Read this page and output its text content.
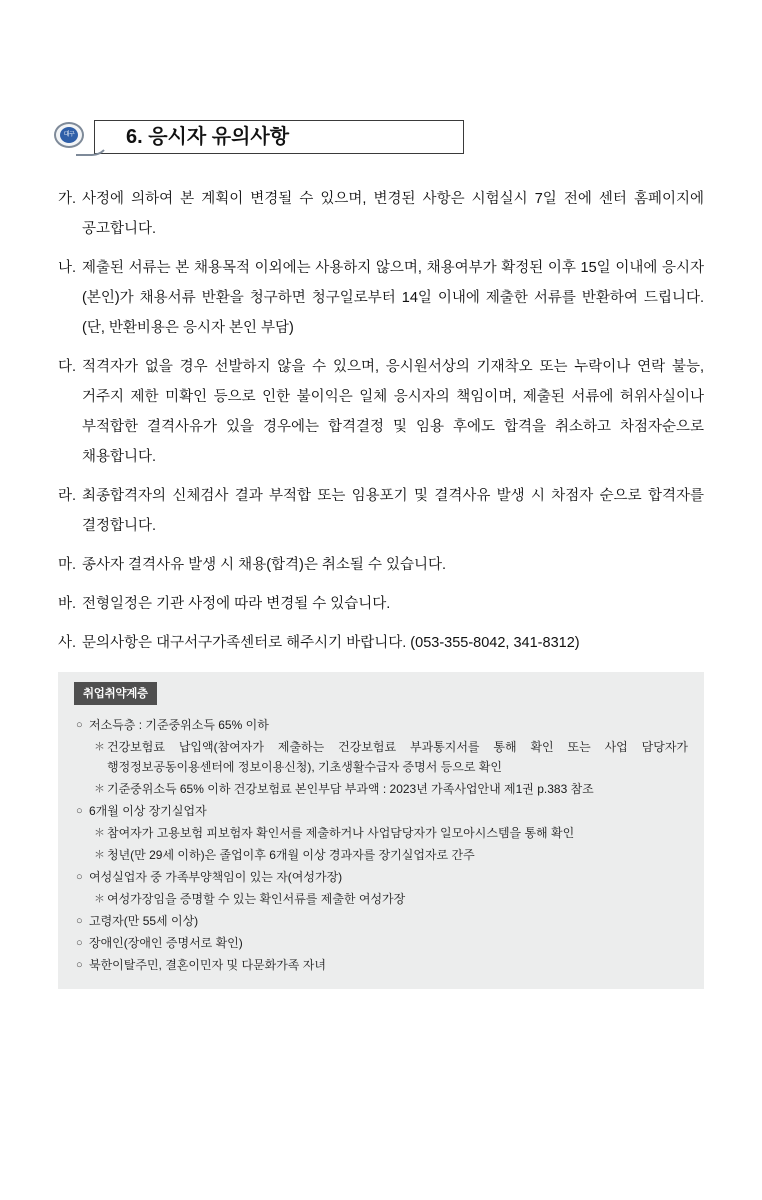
대구	6. 응시자 유의사항
가. 사정에 의하여 본 계획이 변경될 수 있으며, 변경된 사항은 시험실시 7일 전에 센터 홈페이지에 공고합니다.
나. 제출된 서류는 본 채용목적 이외에는 사용하지 않으며, 채용여부가 확정된 이후 15일 이내에 응시자(본인)가 채용서류 반환을 청구하면 청구일로부터 14일 이내에 제출한 서류를 반환하여 드립니다. (단, 반환비용은 응시자 본인 부담)
다. 적격자가 없을 경우 선발하지 않을 수 있으며, 응시원서상의 기재착오 또는 누락이나 연락 불능, 거주지 제한 미확인 등으로 인한 불이익은 일체 응시자의 책임이며, 제출된 서류에 허위사실이나 부적합한 결격사유가 있을 경우에는 합격결정 및 임용 후에도 합격을 취소하고 차점자순으로 채용합니다.
라. 최종합격자의 신체검사 결과 부적합 또는 임용포기 및 결격사유 발생 시 차점자 순으로 합격자를 결정합니다.
마. 종사자 결격사유 발생 시 채용(합격)은 취소될 수 있습니다.
바. 전형일정은 기관 사정에 따라 변경될 수 있습니다.
사. 문의사항은 대구서구가족센터로 해주시기 바랍니다. (053-355-8042, 341-8312)
취업취약계층
○ 저소득층 : 기준중위소득 65% 이하
＊ 건강보험료 납입액(참여자가 제출하는 건강보험료 부과통지서를 통해 확인 또는 사업 담당자가 행정정보공동이용센터에 정보이용신청), 기초생활수급자 증명서 등으로 확인
＊ 기준중위소득 65% 이하 건강보험료 본인부담 부과액 : 2023년 가족사업안내 제1권 p.383 참조
○ 6개월 이상 장기실업자
＊ 참여자가 고용보험 피보험자 확인서를 제출하거나 사업담당자가 일모아시스템을 통해 확인
＊ 청년(만 29세 이하)은 졸업이후 6개월 이상 경과자를 장기실업자로 간주
○ 여성실업자 중 가족부양책임이 있는 자(여성가장)
＊ 여성가장임을 증명할 수 있는 확인서류를 제출한 여성가장
○ 고령자(만 55세 이상)
○ 장애인(장애인 증명서로 확인)
○ 북한이탈주민, 결혼이민자 및 다문화가족 자녀
